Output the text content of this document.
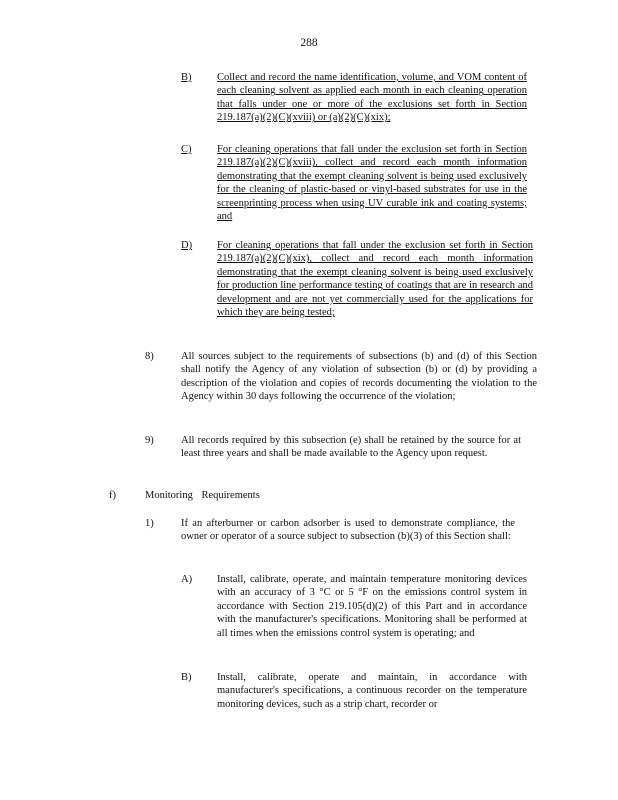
288
B) Collect and record the name identification, volume, and VOM content of each cleaning solvent as applied each month in each cleaning operation that falls under one or more of the exclusions set forth in Section 219.187(a)(2)(C)(xviii) or (a)(2)(C)(xix);
C) For cleaning operations that fall under the exclusion set forth in Section 219.187(a)(2)(C)(xviii), collect and record each month information demonstrating that the exempt cleaning solvent is being used exclusively for the cleaning of plastic-based or vinyl-based substrates for use in the screenprinting process when using UV curable ink and coating systems; and
D) For cleaning operations that fall under the exclusion set forth in Section 219.187(a)(2)(C)(xix), collect and record each month information demonstrating that the exempt cleaning solvent is being used exclusively for production line performance testing of coatings that are in research and development and are not yet commercially used for the applications for which they are being tested;
8)	All sources subject to the requirements of subsections (b) and (d) of this Section shall notify the Agency of any violation of subsection (b) or (d) by providing a description of the violation and copies of records documenting the violation to the Agency within 30 days following the occurrence of the violation;
9)	All records required by this subsection (e) shall be retained by the source for at least three years and shall be made available to the Agency upon request.
f)	Monitoring Requirements
1)	If an afterburner or carbon adsorber is used to demonstrate compliance, the owner or operator of a source subject to subsection (b)(3) of this Section shall:
A) Install, calibrate, operate, and maintain temperature monitoring devices with an accuracy of 3 °C or 5 °F on the emissions control system in accordance with Section 219.105(d)(2) of this Part and in accordance with the manufacturer's specifications. Monitoring shall be performed at all times when the emissions control system is operating; and
B) Install, calibrate, operate and maintain, in accordance with manufacturer's specifications, a continuous recorder on the temperature monitoring devices, such as a strip chart, recorder or
